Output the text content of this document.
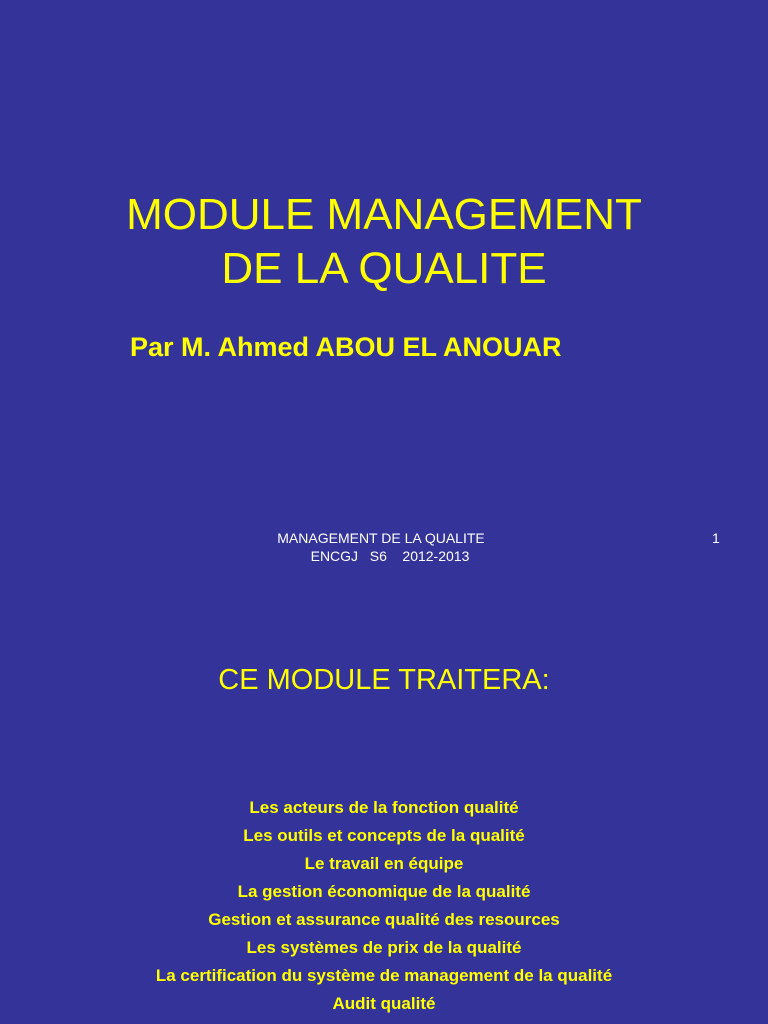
MODULE MANAGEMENT
DE LA QUALITE

Par M. Ahmed ABOU EL ANOUAR

MANAGEMENT DE LA QUALITE
ENCGJ   S6    2012-2013
1
CE MODULE TRAITERA:
Les acteurs de la fonction qualité
Les outils et concepts de la qualité
Le travail en équipe
La gestion économique de la qualité
Gestion et assurance qualité des resources
Les systèmes de prix de la qualité
La certification du système de management de la qualité
Audit qualité
